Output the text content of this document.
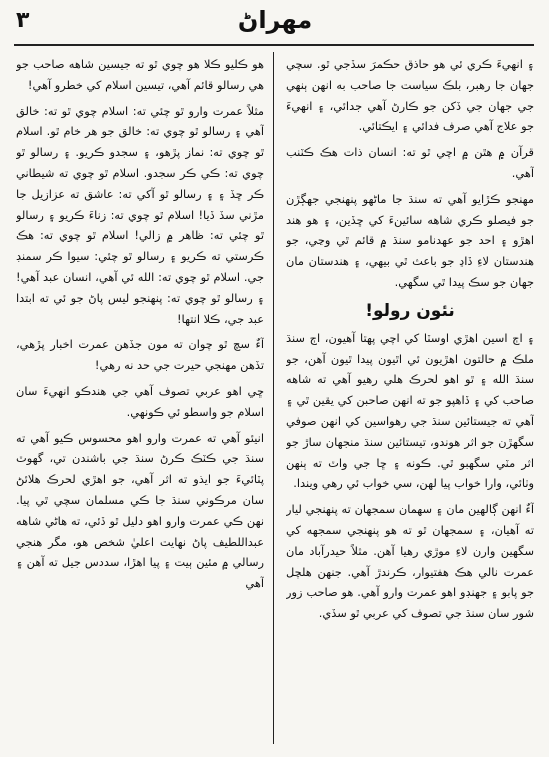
٣	مهراڻ

۽ انهيءَ ڪري ئي هو حاذق حڪمرَ سڏجي ٿو. سچي جهان جا رهبر، بلڪ سياست جا صاحب به انهن ٻنهي جي جهان جي ڏکن جو ڪارڻ آهي جدائي، ۽ انهيءَ جو علاج آهي صرف فدائي ۽ ايڪتائي.

قرآن ۾ هٿن ۾ اچي ٿو ته: انسان ذات هڪ ڪٽنب آهي.

مهنجو ڪڙايو آهي ته سنڌ جا ماڻهو پنهنجي جهڳڙن جو فيصلو ڪري شاهه سائينءَ کي ڇڏين، ۽ هو هند اهڙو ۽ احد جو عهدنامو سنڌ ۾ قائم ٿي وڃي، جو هندستان لاءِ ڏاڍ جو باعث ٿي بيهي، ۽ هندستان مان جهان جو سڪ پيدا ٿي سگهي.

نئون رولو!

۽ اڄ اسين اهڙي اوسٽا کي اچي پهتا آهيون، اڄ سنڌ ملڪ ۾ حالتون اهڙيون ئي اٿيون پيدا ٿيون آهن، جو سنڌ الله ۽ ٿو اهو لحرڪ هلي رهيو آهي ته شاهه صاحب کي ۽ ڏاهپو جو ته انهن صاحبن کي يقين ٿي ۽ آهي ته جيستائين سنڌ جي رهواسين کي انهن صوفي سگهڙن جو اثر هوندو، تيستائين سنڌ منجهان ساڙ جو اثر مٽي سگهبو ٿي. ڪونه ۽ ڇا جي واٽ ته ٻنهن وٺائي، وارا خواب پيا لهن، سي خواب ئي رهي ويندا.

آءٌ انهن ڳالهين مان ۽ سهمان سمجهان ته پنهنجي ليار ته آهيان، ۽ سمجهان ٿو ته هو پنهنجي سمجهه کي سگهين وارن لاءِ موڙي رهيا آهن. مثلاً حيدرآباد مان عمرت نالي هڪ هفتيوار، ڪرندڙ آهي. جنهن هلچل جو پابو ۽ جهنڊو اهو عمرت وارو آهي. هو صاحب زور شور سان سنڌ جي تصوف کي عربي ٿو سڏي.

هو ڪليو ڪلا هو چوي ٿو ته جيسين شاهه صاحب جو هي رسالو قائم آهي، تيسين اسلام کي خطرو آهي!

مثلاً عمرت وارو ٿو چئي ته: اسلام چوي ٿو ته: خالق آهي ۽ رسالو ٿو چوي ته: خالق جو هر خام ٿو. اسلام ٿو چوي ته: نماز پڙهو، ۽ سجدو ڪريو. ۽ رسالو ٿو چوي ته: ڪي ڪر سجدو. اسلام ٿو چوي ته شيطاني ڪر ڇڏ ۽ ۽ رسالو ٿو آکي ته: عاشق ته عزازيل جا مڙني سڏ ڏيا! اسلام ٿو چوي ته: زناءَ ڪريو ۽ رسالو ٿو چئي ته: ظاهر ۾ زالي! اسلام ٿو چوي ته: هڪ ڪرستي ته ڪريو ۽ رسالو ٿو چئي: سيوا ڪر سمنڊ جي. اسلام ٿو چوي ته: الله ئي آهي، انسان عبد آهي! ۽ رسالو ٿو چوي ته: پنهنجو ليس پاڻ جو ئي ته ابتدا عبد جي، ڪلا انتها!

آءٌ سچ ٿو چوان ته مون جڏهن عمرت اخبار پڙهي، تڏهن مهنجي حيرت جي حد نه رهي!

ڇي اهو عربي تصوف آهي جي هندڪو انهيءَ سان اسلام جو واسطو ئي ڪونهي.

انيئو آهي ته عمرت وارو اهو محسوس ڪيو آهي ته سنڌ جي ڪٽڪ ڪرڻ سنڌ جي باشندن تي، گهوٽ پٽائيءَ جو ايذو ته اثر آهي، جو اهڙي لحرڪ هلائڻ سان مرڪوني سنڌ جا ڪي مسلمان سچي ٿي پيا. نهن ڪي عمرت وارو اهو دليل ٿو ڏئي، ته هاڻي شاهه عبداللطيف پاڻ نهايت اعليٰ شخص هو، مگر هنجي رسالي ۾ مئين ٻيت ۽ پيا اهڙا، سددس جيل ته آهن ۽ آهي
